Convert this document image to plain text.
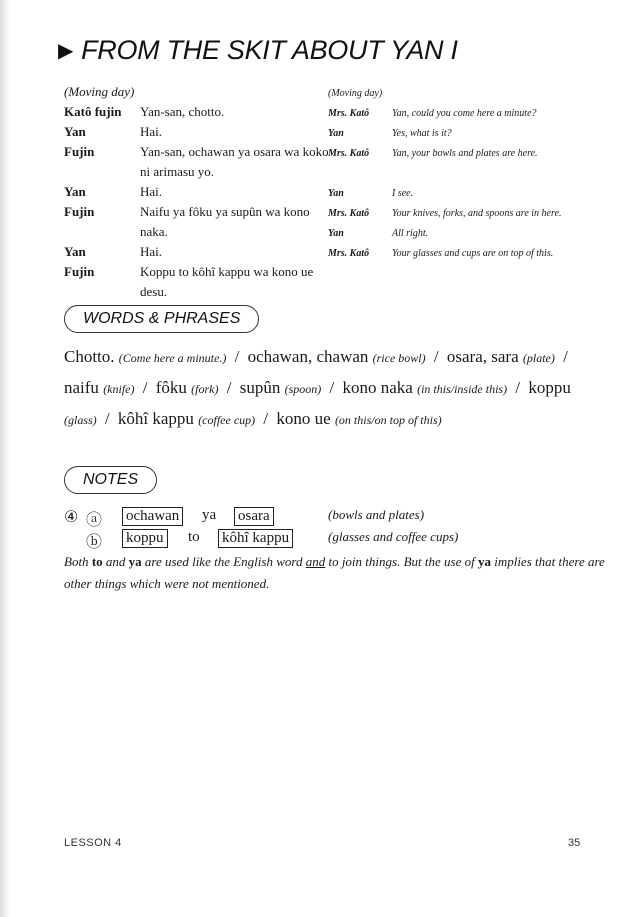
▶ FROM THE SKIT ABOUT YAN I
(Moving day)
Katô fujin	Yan-san, chotto.
Yan	Hai.
Fujin	Yan-san, ochawan ya osara wa koko ni arimasu yo.
Yan	Hai.
Fujin	Naifu ya fôku ya supûn wa kono naka.
Yan	Hai.
Fujin	Koppu to kôhî kappu wa kono ue desu.
(Moving day)
Mrs. Katô	Yan, could you come here a minute?
Yan	Yes, what is it?
Mrs. Katô	Yan, your bowls and plates are here.
Yan	I see.
Mrs. Katô	Your knives, forks, and spoons are in here.
Yan	All right.
Mrs. Katô	Your glasses and cups are on top of this.
WORDS & PHRASES
Chotto. (Come here a minute.) / ochawan, chawan (rice bowl) / osara, sara (plate) / naifu (knife) / fôku (fork) / supûn (spoon) / kono naka (in this/inside this) / koppu (glass) / kôhî kappu (coffee cup) / kono ue (on this/on top of this)
NOTES
④ ⓐ ochawan ya osara	(bowls and plates)
ⓑ koppu to kôhî kappu	(glasses and coffee cups)
Both to and ya are used like the English word and to join things. But the use of ya implies that there are other things which were not mentioned.
LESSON 4	35
